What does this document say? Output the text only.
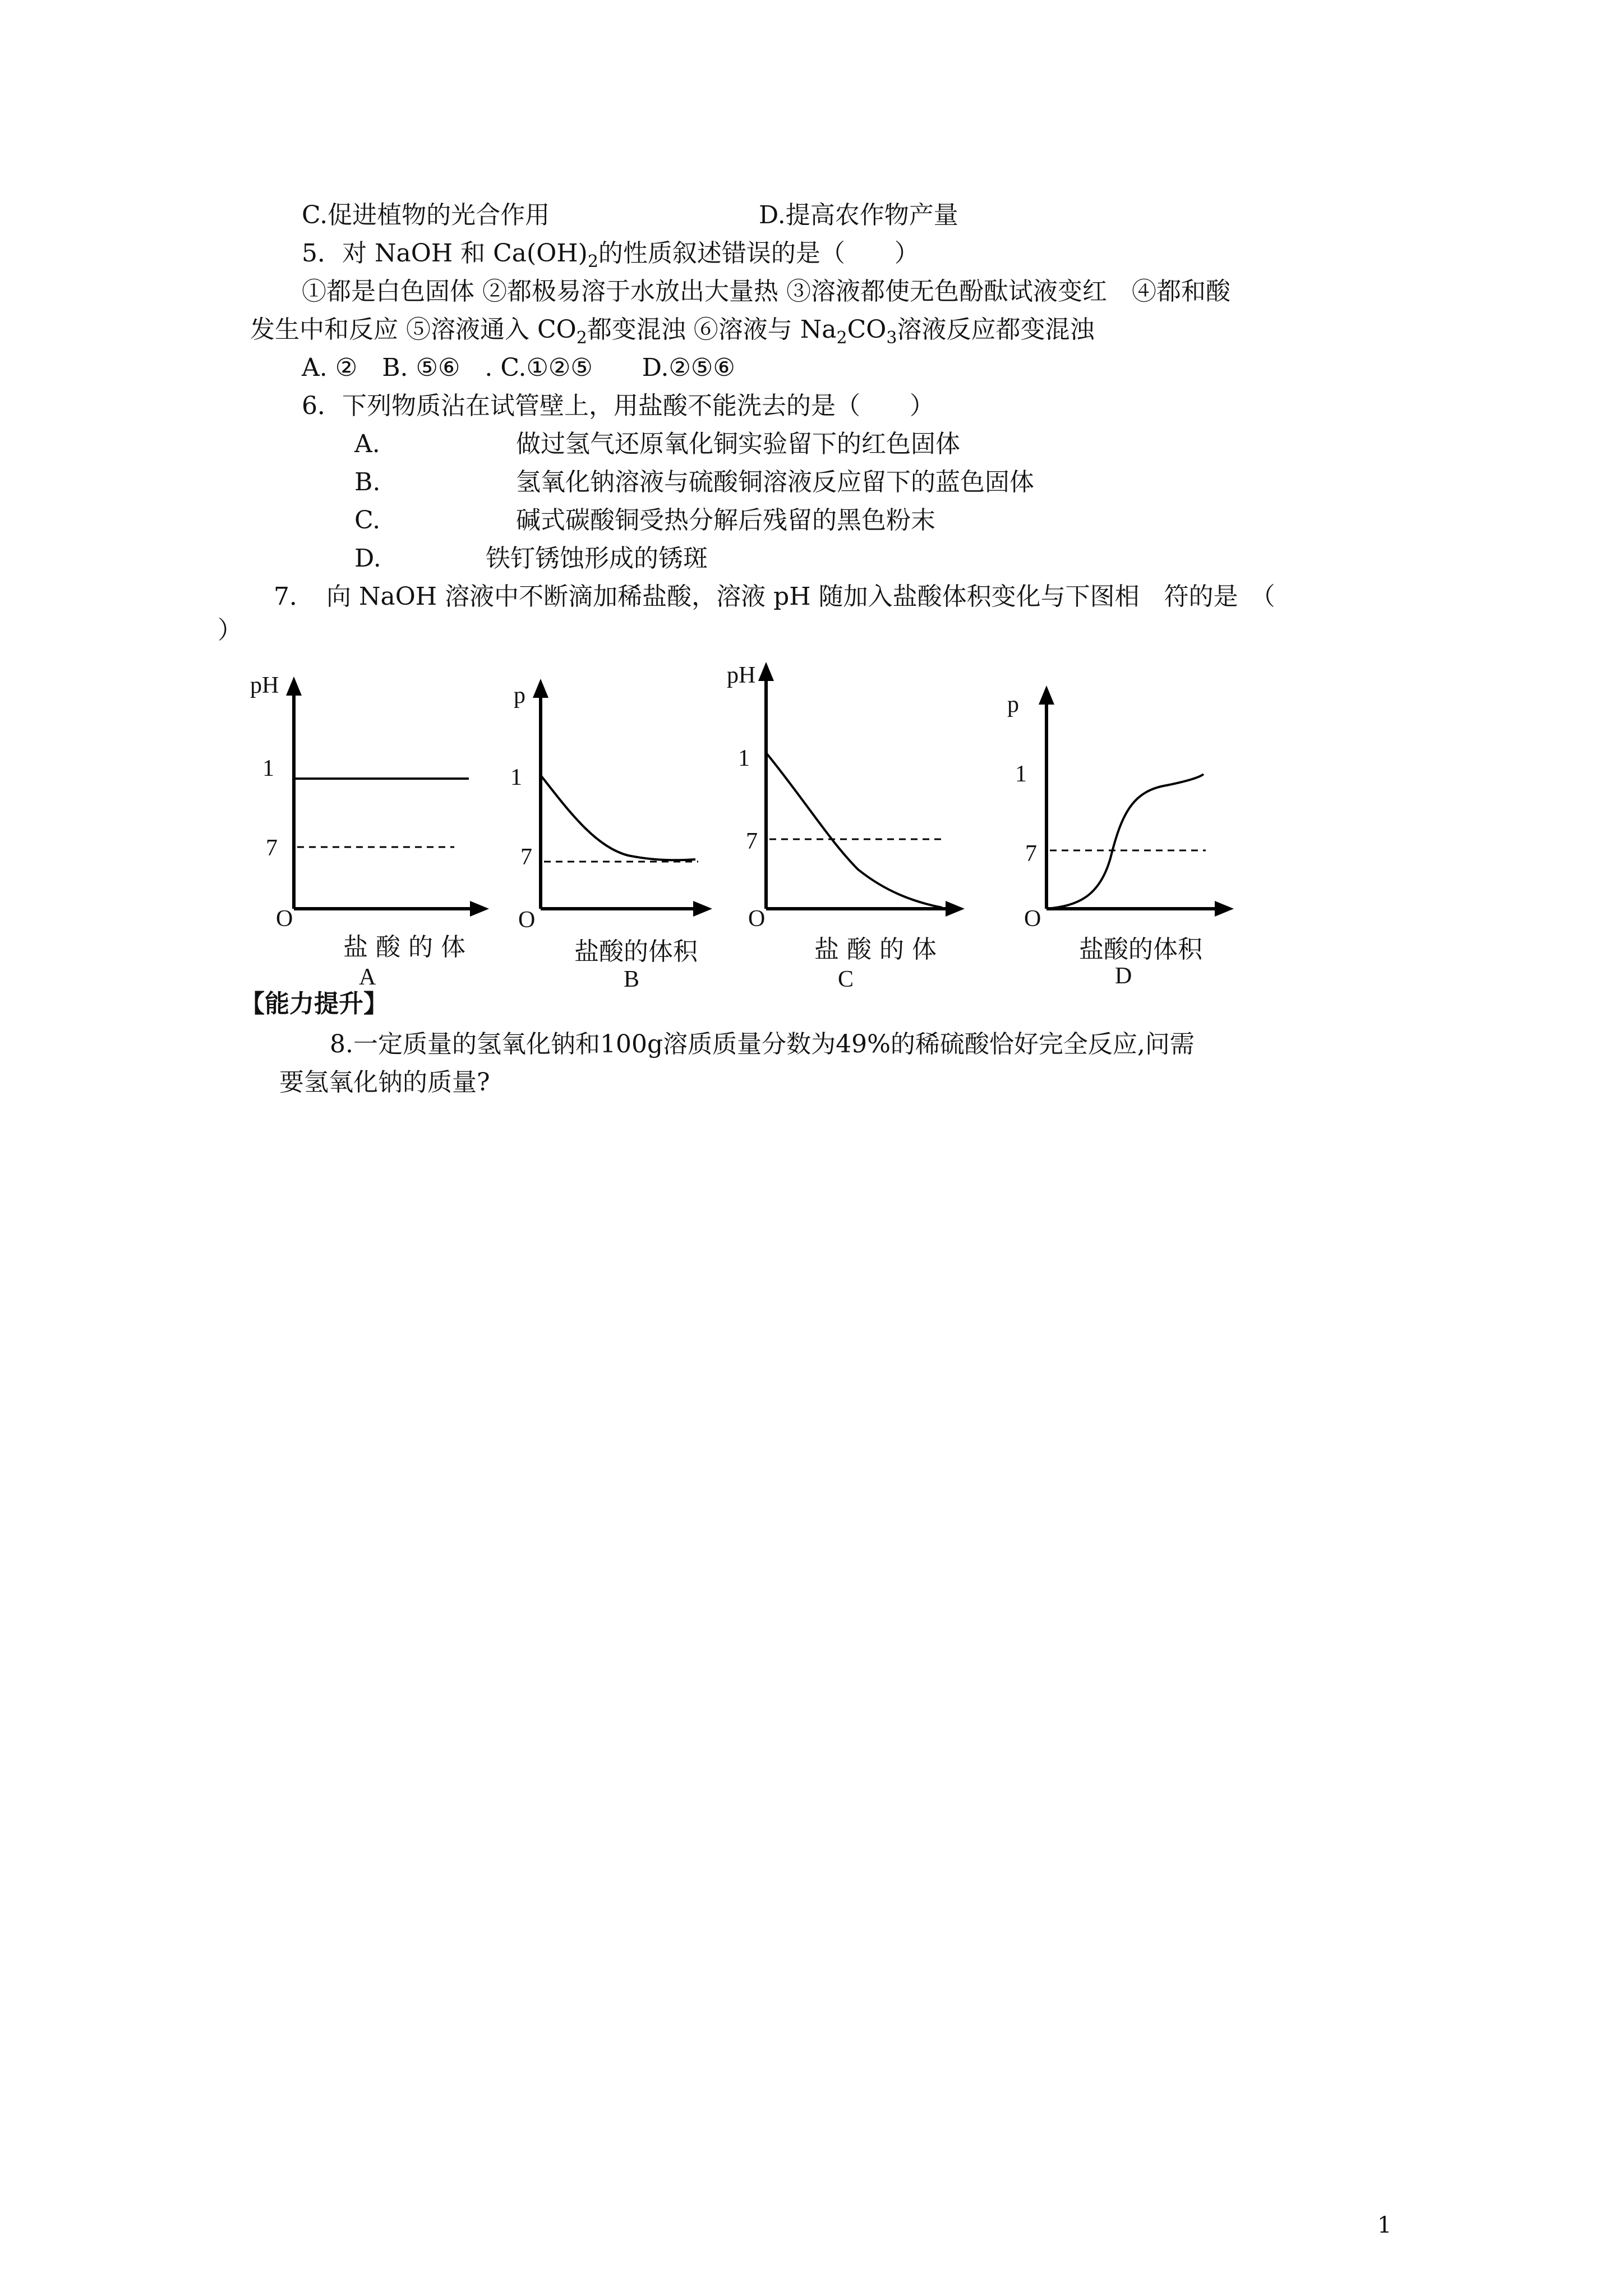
C.促进植物的光合作用	D.提高农作物产量
5．对 NaOH 和 $Ca(OH)_2$的性质叙述错误的是（　　）
①都是白色固体 ②都极易溶于水放出大量热 ③溶液都使无色酚酞试液变红　④都和酸
发生中和反应 ⑤溶液通入 $CO_2$都变混浊 ⑥溶液与 $Na_2CO_3$溶液反应都变混浊
A. ②　B. ⑤⑥　. C.①②⑤　　D.②⑤⑥
6．下列物质沾在试管壁上，用盐酸不能洗去的是（　　）
A.	做过氢气还原氧化铜实验留下的红色固体
B.	氢氧化钠溶液与硫酸铜溶液反应留下的蓝色固体
C.	碱式碳酸铜受热分解后残留的黑色粉末
D.	铁钉锈蚀形成的锈斑
7．　向 NaOH 溶液中不断滴加稀盐酸，溶液 pH 随加入盐酸体积变化与下图相　符的是　（
）
pH
1
7
O
盐 酸 的 体
A
p
1
7
O
盐酸的体积
B
pH
1
7
O
盐 酸 的 体
C
p
1
7
O
盐酸的体积
D
【能力提升】
8.一定质量的氢氧化钠和100g溶质质量分数为49%的稀硫酸恰好完全反应,问需
要氢氧化钠的质量?
1
